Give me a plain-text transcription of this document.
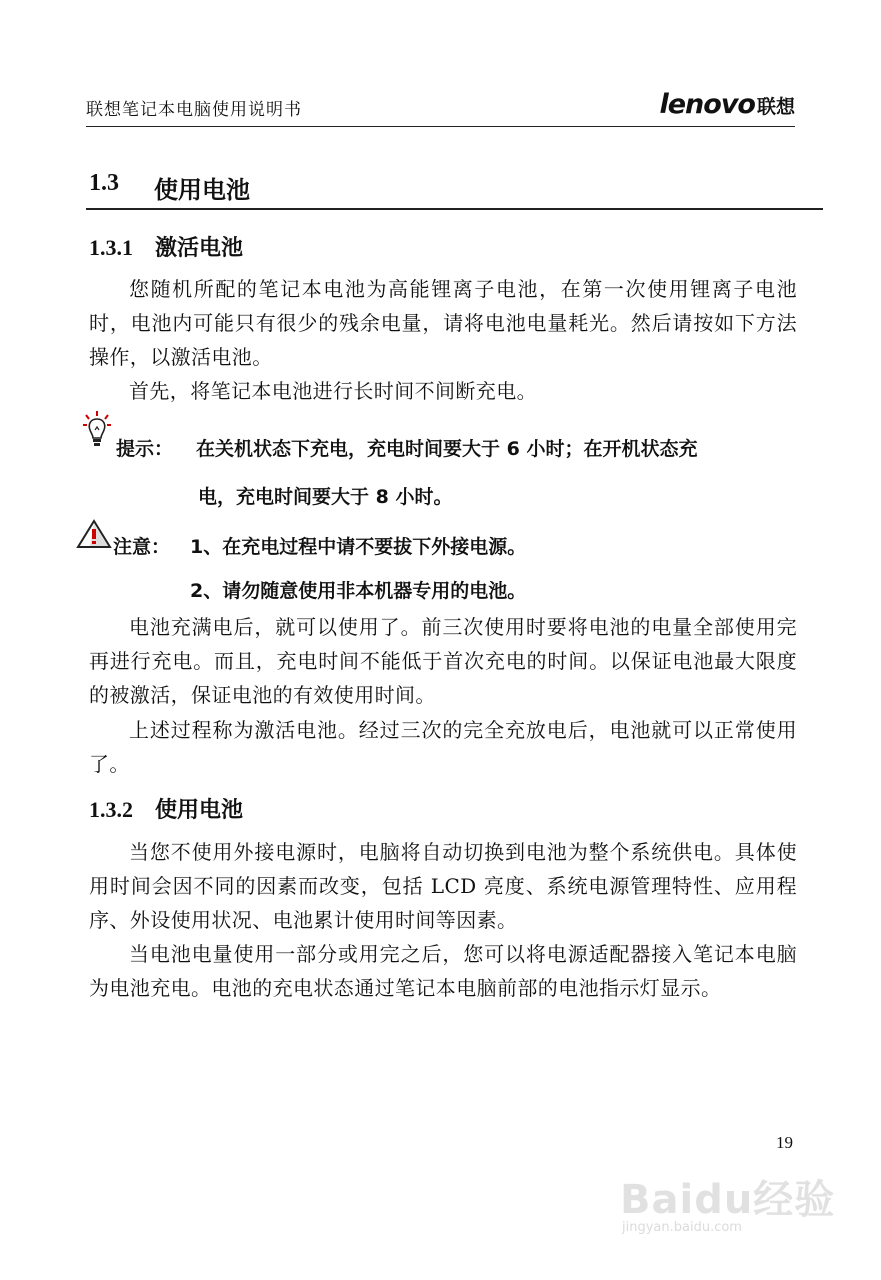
联想笔记本电脑使用说明书	lenovo 联想
1.3 使用电池
1.3.1 激活电池

您随机所配的笔记本电池为高能锂离子电池，在第一次使用锂离子电池时，电池内可能只有很少的残余电量，请将电池电量耗光。然后请按如下方法操作，以激活电池。

首先，将笔记本电池进行长时间不间断充电。

提示： 在关机状态下充电，充电时间要大于 6 小时；在开机状态充
电，充电时间要大于 8 小时。
注意： 1、在充电过程中请不要拔下外接电源。
2、请勿随意使用非本机器专用的电池。

电池充满电后，就可以使用了。前三次使用时要将电池的电量全部使用完再进行充电。而且，充电时间不能低于首次充电的时间。以保证电池最大限度的被激活，保证电池的有效使用时间。

上述过程称为激活电池。经过三次的完全充放电后，电池就可以正常使用了。

1.3.2 使用电池

当您不使用外接电源时，电脑将自动切换到电池为整个系统供电。具体使用时间会因不同的因素而改变，包括 LCD 亮度、系统电源管理特性、应用程序、外设使用状况、电池累计使用时间等因素。

当电池电量使用一部分或用完之后，您可以将电源适配器接入笔记本电脑为电池充电。电池的充电状态通过笔记本电脑前部的电池指示灯显示。

19
Baidu经验
jingyan.baidu.com
